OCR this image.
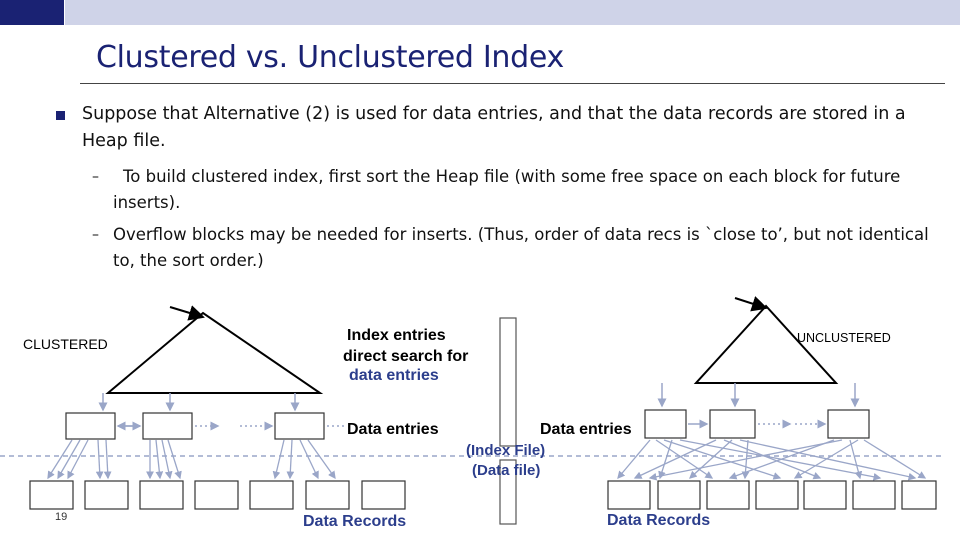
Clustered vs. Unclustered Index
Suppose that Alternative (2) is used for data entries, and that the data records are stored in a Heap file.
–	To build clustered index, first sort the Heap file (with some free space on each block for future inserts).
– Overflow blocks may be needed for inserts. (Thus, order of data recs is `close to’, but not identical to, the sort order.)
CLUSTERED	UNCLUSTERED
Index entries
direct search for
data entries
Data entries	Data entries
(Index File)
(Data file)
Data Records	Data Records
19
